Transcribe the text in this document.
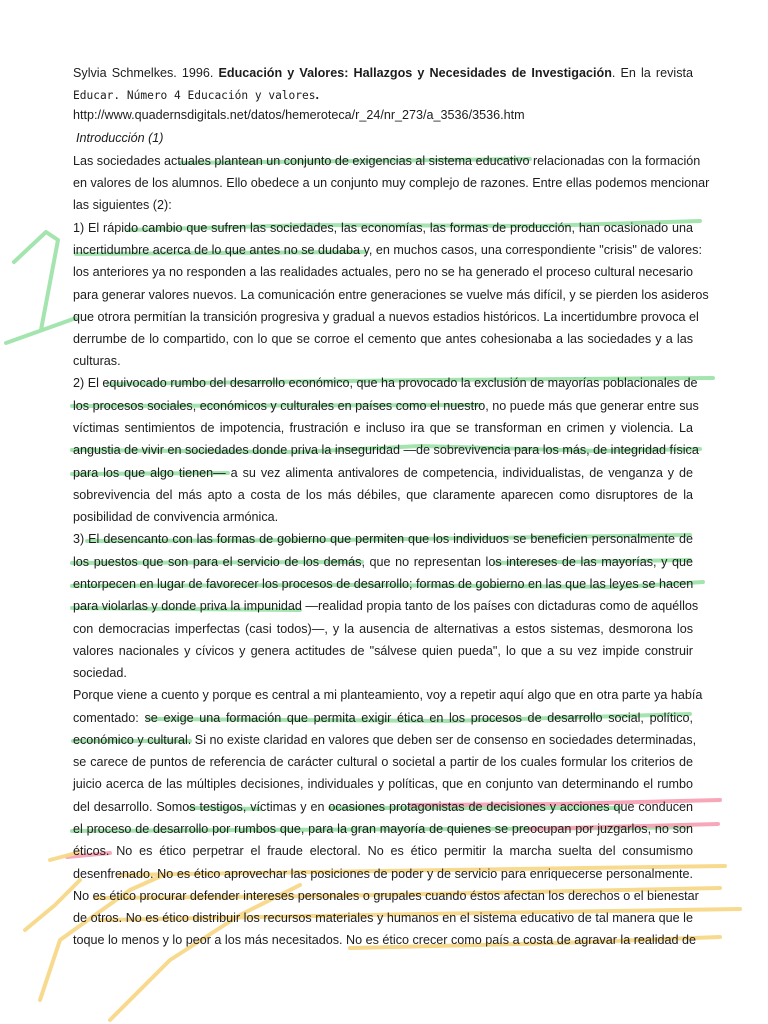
Sylvia Schmelkes. 1996. Educación y Valores: Hallazgos y Necesidades de Investigación. En la revista
Educar. Número 4 Educación y valores.
http://www.quadernsdigitals.net/datos/hemeroteca/r_24/nr_273/a_3536/3536.htm
Introducción (1)
Las sociedades actuales plantean un conjunto de exigencias al sistema educativo relacionadas con la formación
en valores de los alumnos. Ello obedece a un conjunto muy complejo de razones. Entre ellas podemos mencionar
las siguientes (2):
1) El rápido cambio que sufren las sociedades, las economías, las formas de producción, han ocasionado una
incertidumbre acerca de lo que antes no se dudaba y, en muchos casos, una correspondiente "crisis" de valores:
los anteriores ya no responden a las realidades actuales, pero no se ha generado el proceso cultural necesario
para generar valores nuevos. La comunicación entre generaciones se vuelve más difícil, y se pierden los asideros
que otrora permitían la transición progresiva y gradual a nuevos estadios históricos. La incertidumbre provoca el
derrumbe de lo compartido, con lo que se corroe el cemento que antes cohesionaba a las sociedades y a las
culturas.
2) El equivocado rumbo del desarrollo económico, que ha provocado la exclusión de mayorías poblacionales de
los procesos sociales, económicos y culturales en países como el nuestro, no puede más que generar entre sus
víctimas sentimientos de impotencia, frustración e incluso ira que se transforman en crimen y violencia. La
angustia de vivir en sociedades donde priva la inseguridad —de sobrevivencia para los más, de integridad física
para los que algo tienen— a su vez alimenta antivalores de competencia, individualistas, de venganza y de
sobrevivencia del más apto a costa de los más débiles, que claramente aparecen como disruptores de la
posibilidad de convivencia armónica.
3) El desencanto con las formas de gobierno que permiten que los individuos se beneficien personalmente de
los puestos que son para el servicio de los demás, que no representan los intereses de las mayorías, y que
entorpecen en lugar de favorecer los procesos de desarrollo; formas de gobierno en las que las leyes se hacen
para violarlas y donde priva la impunidad —realidad propia tanto de los países con dictaduras como de aquéllos
con democracias imperfectas (casi todos)—, y la ausencia de alternativas a estos sistemas, desmorona los
valores nacionales y cívicos y genera actitudes de "sálvese quien pueda", lo que a su vez impide construir
sociedad.
Porque viene a cuento y porque es central a mi planteamiento, voy a repetir aquí algo que en otra parte ya había
comentado: se exige una formación que permita exigir ética en los procesos de desarrollo social, político,
económico y cultural. Si no existe claridad en valores que deben ser de consenso en sociedades determinadas,
se carece de puntos de referencia de carácter cultural o societal a partir de los cuales formular los criterios de
juicio acerca de las múltiples decisiones, individuales y políticas, que en conjunto van determinando el rumbo
del desarrollo. Somos testigos, víctimas y en ocasiones protagonistas de decisiones y acciones que conducen
el proceso de desarrollo por rumbos que, para la gran mayoría de quienes se preocupan por juzgarlos, no son
éticos. No es ético perpetrar el fraude electoral. No es ético permitir la marcha suelta del consumismo
desenfrenado. No es ético aprovechar las posiciones de poder y de servicio para enriquecerse personalmente.
No es ético procurar defender intereses personales o grupales cuando éstos afectan los derechos o el bienestar
de otros. No es ético distribuir los recursos materiales y humanos en el sistema educativo de tal manera que le
toque lo menos y lo peor a los más necesitados. No es ético crecer como país a costa de agravar la realidad de
